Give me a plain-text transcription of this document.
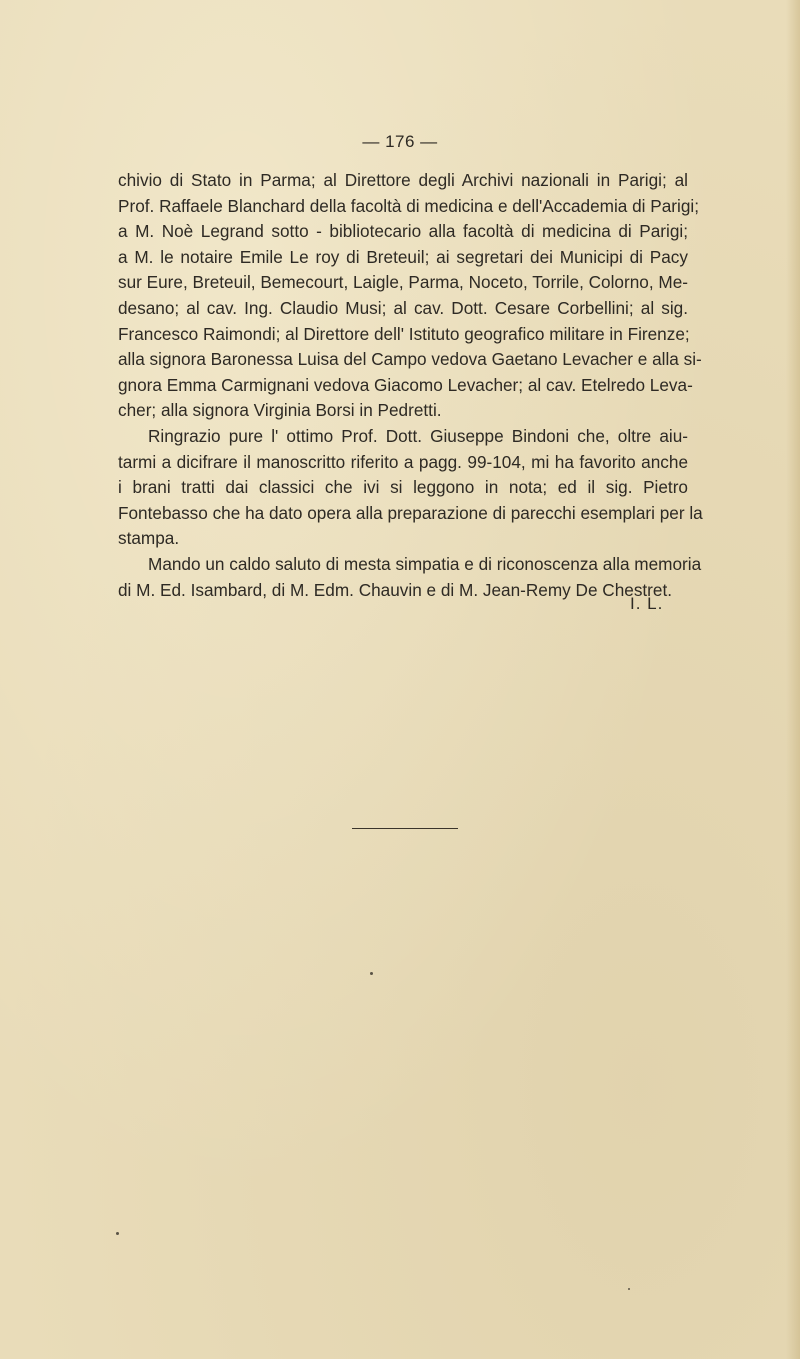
— 176 —
chivio di Stato in Parma; al Direttore degli Archivi nazionali in Parigi; al
Prof. Raffaele Blanchard della facoltà di medicina e dell'Accademia di Parigi;
a M. Noè Legrand sotto - bibliotecario alla facoltà di medicina di Parigi;
a M. le notaire Emile Le roy di Breteuil; ai segretari dei Municipi di Pacy
sur Eure, Breteuil, Bemecourt, Laigle, Parma, Noceto, Torrile, Colorno, Me-
desano; al cav. Ing. Claudio Musi; al cav. Dott. Cesare Corbellini; al sig.
Francesco Raimondi; al Direttore dell' Istituto geografico militare in Firenze;
alla signora Baronessa Luisa del Campo vedova Gaetano Levacher e alla si-
gnora Emma Carmignani vedova Giacomo Levacher; al cav. Etelredo Leva-
cher; alla signora Virginia Borsi in Pedretti.
Ringrazio pure l' ottimo Prof. Dott. Giuseppe Bindoni che, oltre aiu-
tarmi a dicifrare il manoscritto riferito a pagg. 99-104, mi ha favorito anche
i brani tratti dai classici che ivi si leggono in nota; ed il sig. Pietro
Fontebasso che ha dato opera alla preparazione di parecchi esemplari per la
stampa.
Mando un caldo saluto di mesta simpatia e di riconoscenza alla memoria
di M. Ed. Isambard, di M. Edm. Chauvin e di M. Jean-Remy De Chestret.
I. L.
